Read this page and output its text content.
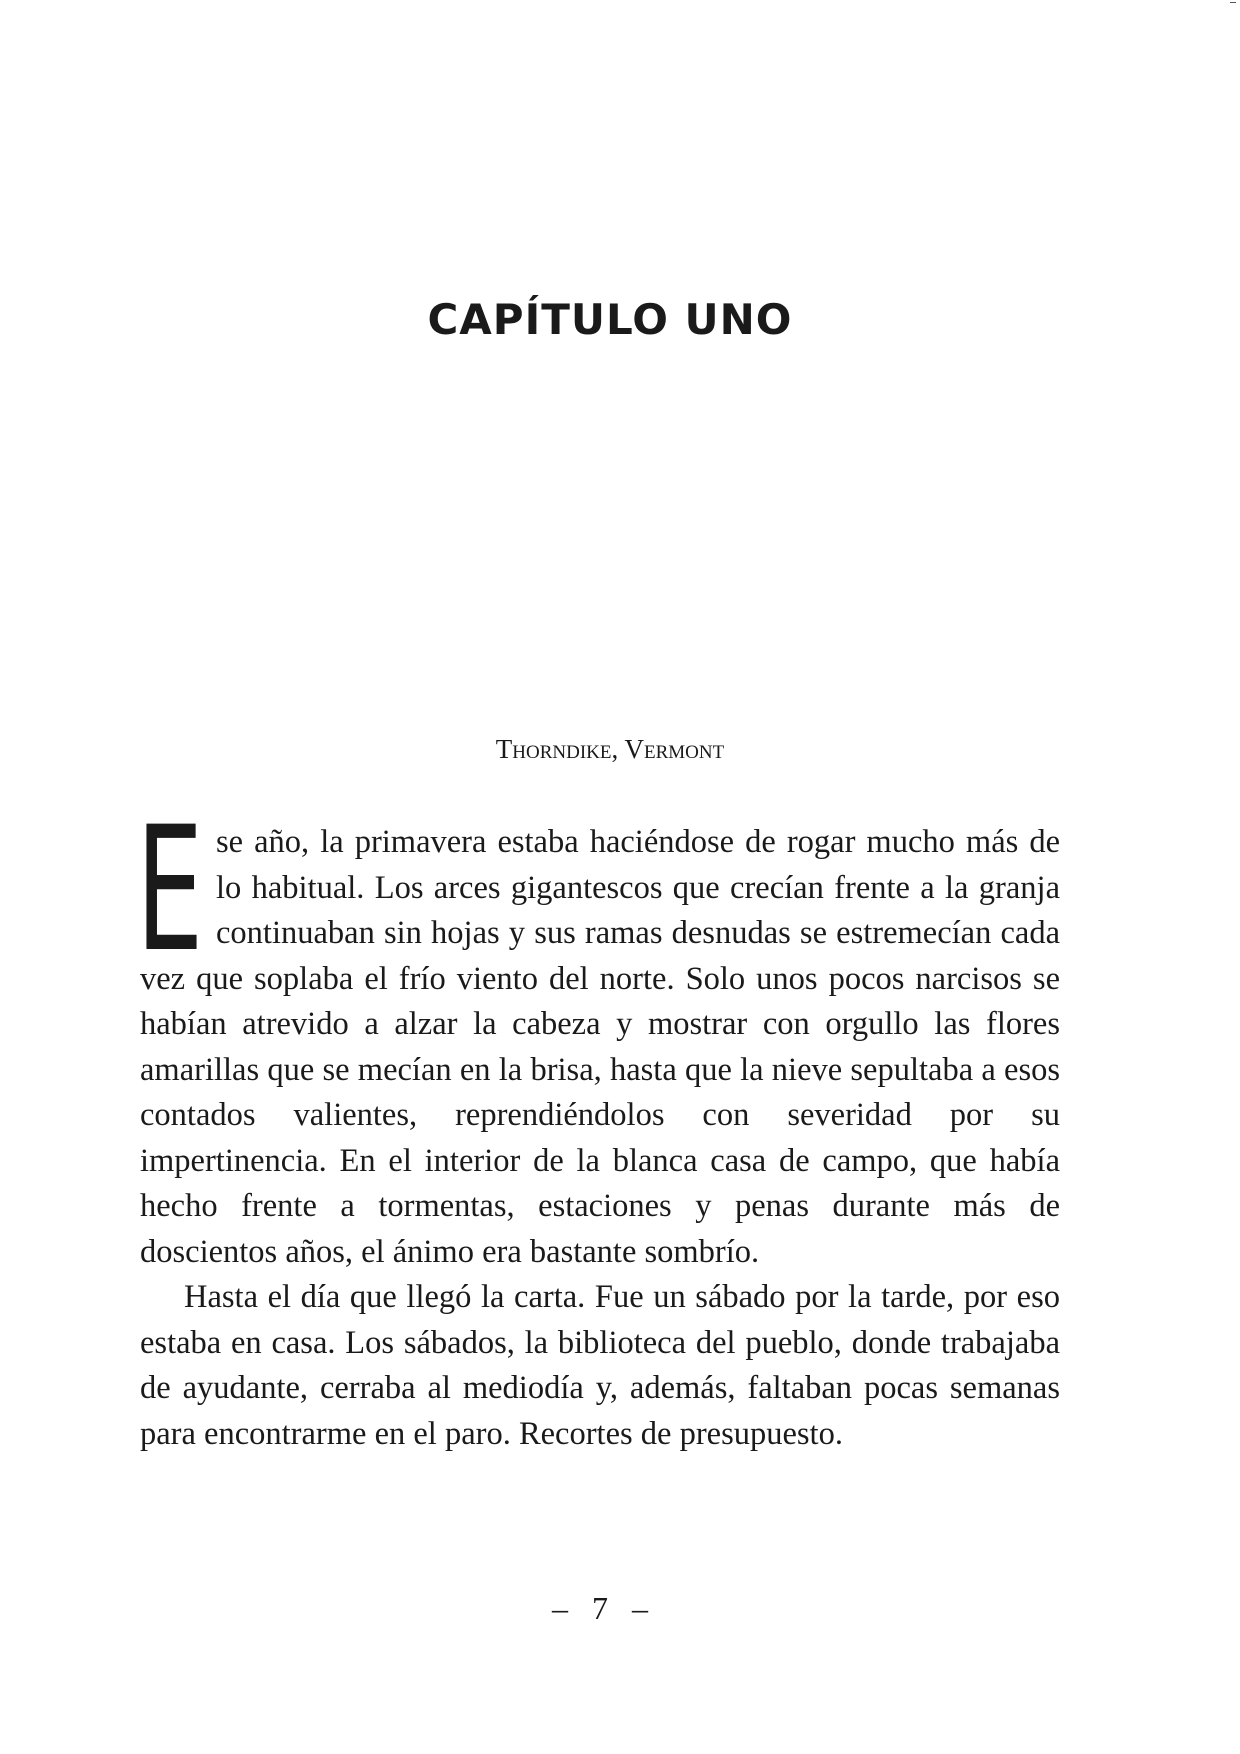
CAPÍTULO UNO

Thorndike, Vermont

Ese año, la primavera estaba haciéndose de rogar mucho más de lo habitual. Los arces gigantescos que crecían frente a la granja continuaban sin hojas y sus ramas desnudas se estremecían cada vez que soplaba el frío viento del norte. Solo unos pocos narcisos se habían atrevido a alzar la cabeza y mostrar con orgullo las flores amarillas que se mecían en la brisa, hasta que la nieve sepultaba a esos contados valientes, reprendiéndolos con severidad por su impertinencia. En el interior de la blanca casa de campo, que había hecho frente a tormentas, estaciones y penas durante más de doscientos años, el ánimo era bastante sombrío.

Hasta el día que llegó la carta. Fue un sábado por la tarde, por eso estaba en casa. Los sábados, la biblioteca del pueblo, donde trabajaba de ayudante, cerraba al mediodía y, además, faltaban pocas semanas para encontrarme en el paro. Recortes de presupuesto.

– 7 –
